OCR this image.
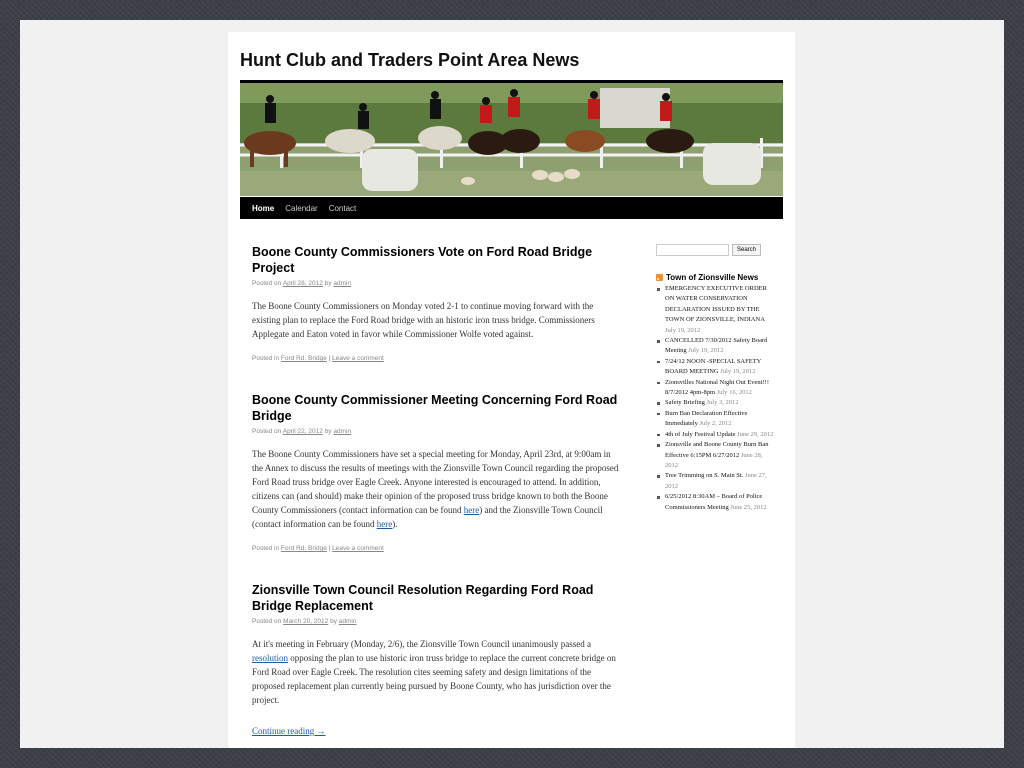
Hunt Club and Traders Point Area News
Home Calendar Contact
Boone County Commissioners Vote on Ford Road Bridge Project
Posted on April 28, 2012 by admin
The Boone County Commissioners on Monday voted 2-1 to continue moving forward with the existing plan to replace the Ford Road bridge with an historic iron truss bridge. Commissioners Applegate and Eaton voted in favor while Commissioner Wolfe voted against.
Posted in Ford Rd. Bridge | Leave a comment
Boone County Commissioner Meeting Concerning Ford Road Bridge
Posted on April 22, 2012 by admin
The Boone County Commissioners have set a special meeting for Monday, April 23rd, at 9:00am in the Annex to discuss the results of meetings with the Zionsville Town Council regarding the proposed Ford Road truss bridge over Eagle Creek. Anyone interested is encouraged to attend. In addition, citizens can (and should) make their opinion of the proposed truss bridge known to both the Boone County Commissioners (contact information can be found here) and the Zionsville Town Council (contact information can be found here).
Posted in Ford Rd. Bridge | Leave a comment
Zionsville Town Council Resolution Regarding Ford Road Bridge Replacement
Posted on March 20, 2012 by admin
At it's meeting in February (Monday, 2/6), the Zionsville Town Council unanimously passed a resolution opposing the plan to use historic iron truss bridge to replace the current concrete bridge on Ford Road over Eagle Creek. The resolution cites seeming safety and design limitations of the proposed replacement plan currently being pursued by Boone County, who has jurisdiction over the project.
Continue reading →
Search
Town of Zionsville News
EMERGENCY EXECUTIVE ORDER ON WATER CONSERVATION DECLARATION ISSUED BY THE TOWN OF ZIONSVILLE, INDIANA July 19, 2012
CANCELLED 7/30/2012 Safety Board Meeting July 19, 2012
7/24/12 NOON -SPECIAL SAFETY BOARD MEETING July 19, 2012
Zionsvilles National Night Out Event!!! 8/7/2012 4pm-8pm July 16, 2012
Safety Briefing July 3, 2012
Burn Ban Declaration Effective Immediately July 2, 2012
4th of July Festival Update June 29, 2012
Zionsville and Boone County Burn Ban Effective 6:15PM 6/27/2012 June 28, 2012
Tree Trimming on S. Main St. June 27, 2012
6/25/2012 8:30AM – Board of Police Commissioners Meeting June 25, 2012
